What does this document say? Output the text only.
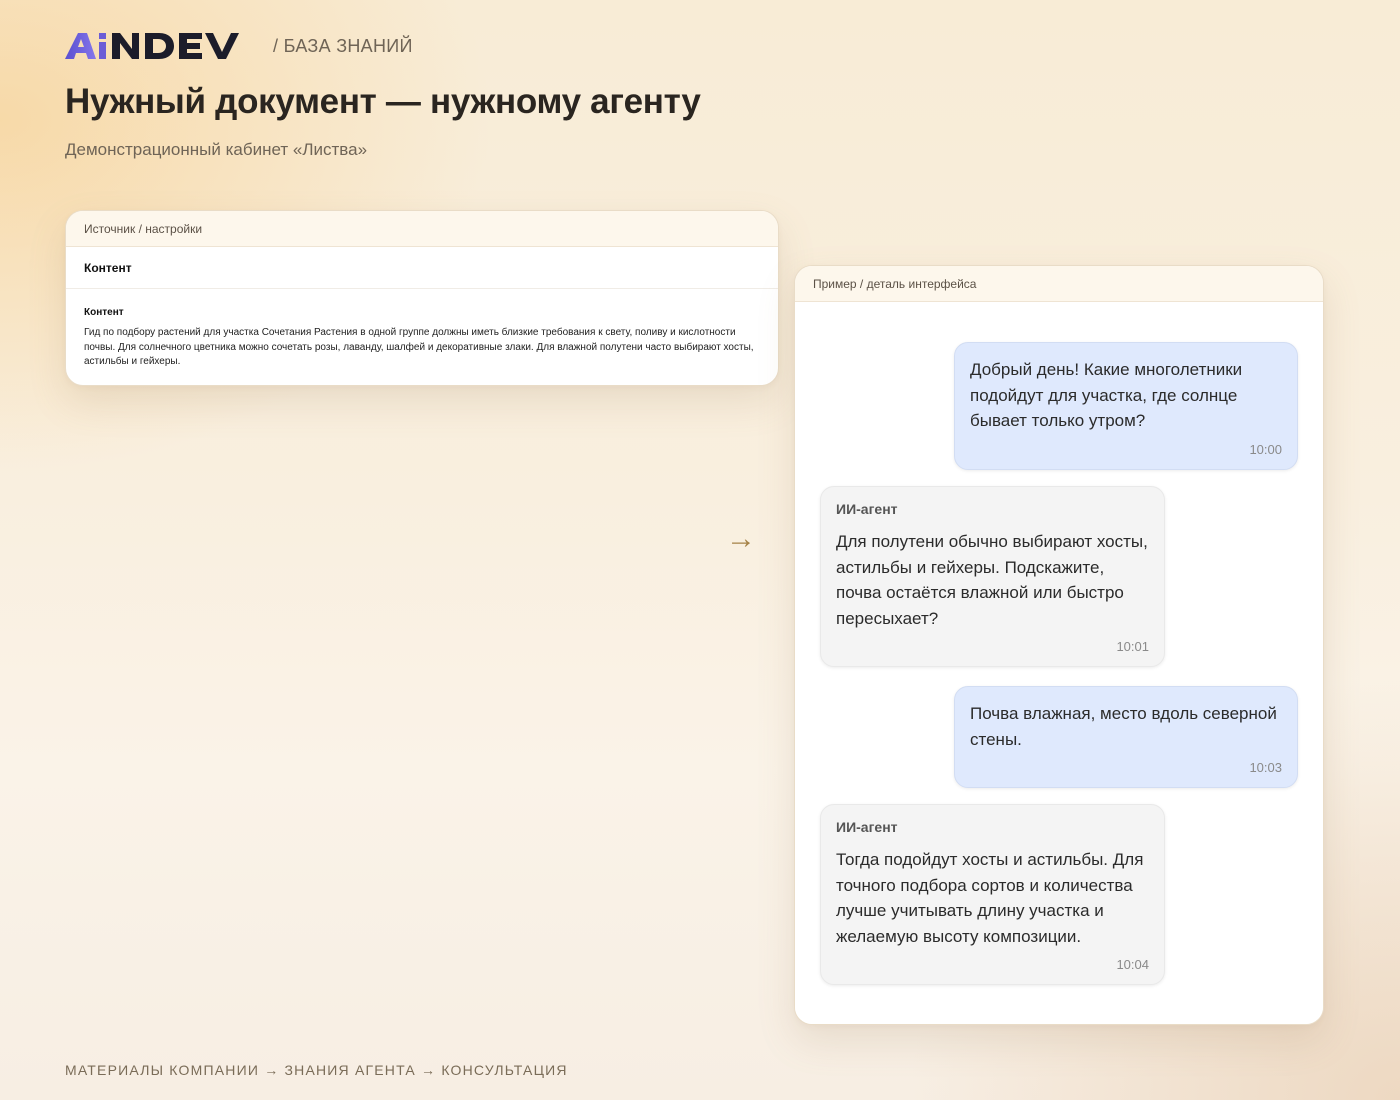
/ БАЗА ЗНАНИЙ
Нужный документ — нужному агенту
Демонстрационный кабинет «Листва»
Источник / настройки
Контент
Контент
Гид по подбору растений для участка Сочетания Растения в одной группе должны иметь близкие требования к свету, поливу и кислотности почвы. Для солнечного цветника можно сочетать розы, лаванду, шалфей и декоративные злаки. Для влажной полутени часто выбирают хосты, астильбы и гейхеры.
→
Пример / деталь интерфейса
Добрый день! Какие многолетники подойдут для участка, где солнце бывает только утром?
10:00
ИИ-агент
Для полутени обычно выбирают хосты, астильбы и гейхеры. Подскажите, почва остаётся влажной или быстро пересыхает?
10:01
Почва влажная, место вдоль северной стены.
10:03
ИИ-агент
Тогда подойдут хосты и астильбы. Для точного подбора сортов и количества лучше учитывать длину участка и желаемую высоту композиции.
10:04
МАТЕРИАЛЫ КОМПАНИИ → ЗНАНИЯ АГЕНТА → КОНСУЛЬТАЦИЯ
